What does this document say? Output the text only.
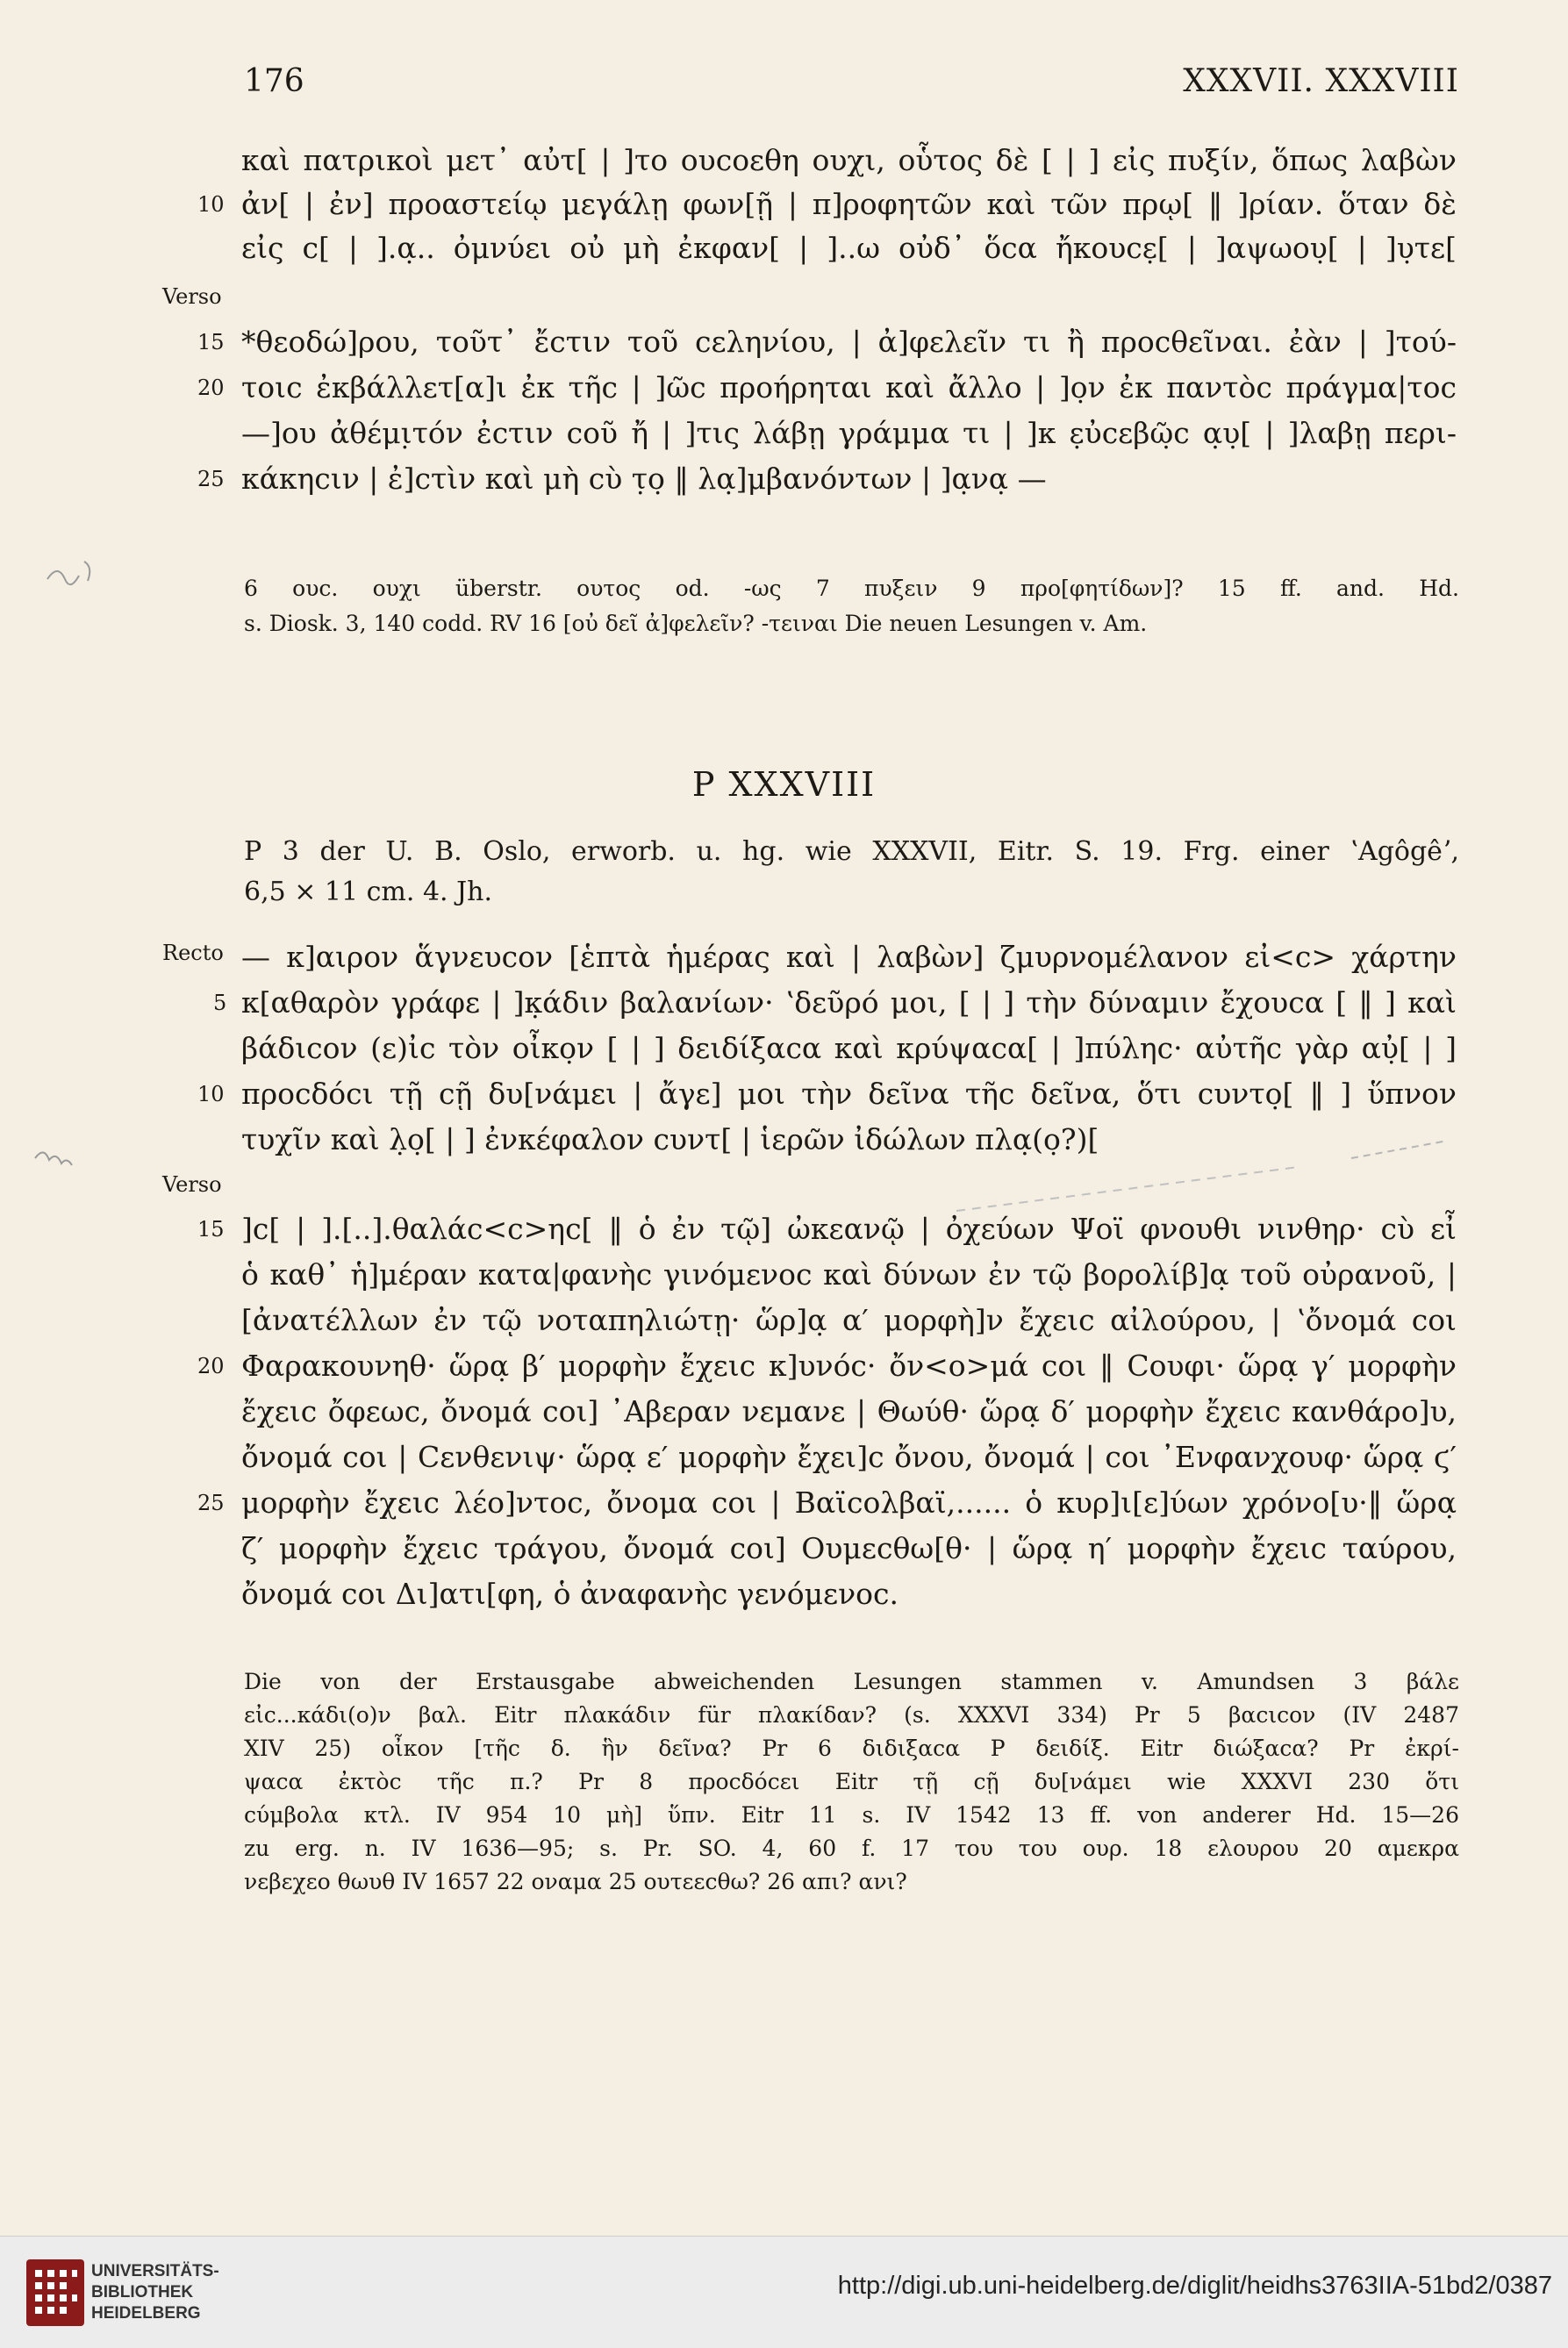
176	XXXVII. XXXVIII
καὶ πατρικοὶ μετ᾽ αὐτ[ | ]το ουcοεθη ουχι, οὗτος δὲ [ | ] εἰς πυξίν, ὅπως λαβὼν
10 ἀν[ | ἐν] προαστείῳ μεγάλῃ φων[ῇ | π]ροφητῶν καὶ τῶν πρῳ[ ‖ ]ρίαν. ὅταν δὲ
εἰς c[ | ].α̣.. ὀμνύει οὐ μὴ ἐκφαν[ | ]..ω οὐδ᾽ ὅcα ἤκουcε̣[ | ]αψωου̣[ | ]υ̣τε[
Verso
15 *θεοδώ]ρου, τοῦτ᾽ ἔcτιν τοῦ cεληνίου, | ἀ]φελεῖν τι ἢ προcθεῖναι. ἐὰν | ]τού-
20 τοιc ἐκβάλλετ[α]ι ἐκ τῆc | ]ῶc προήρηται καὶ ἄλλο | ]ο̣ν ἐκ παντὸc πράγμα|τοc
—]ου ἀθέμι̣τόν ἐcτιν cοῦ ἤ | ]τις λάβῃ γράμμα τι | ]κ ε̣ὐcεβῶ̣c α̣υ̣[ | ]λαβῃ περι-
25 κάκηcιν | ἐ]cτὶν καὶ μὴ cὺ τ̣ο̣ ‖ λα̣]μβανόντων | ]α̣να̣ —
6 ουc. ουχι überstr. ουτος od. -ως 7 πυξειν 9 προ[φητίδων]? 15 ff. and. Hd.
s. Diosk. 3, 140 codd. RV 16 [οὐ δεῖ ἀ]φελεῖν? -τειναι Die neuen Lesungen v. Am.
P XXXVIII
P 3 der U. B. Oslo, erworb. u. hg. wie XXXVII, Eitr. S. 19. Frg. einer ʽAgôgêʼ,
6,5 × 11 cm. 4. Jh.
Recto — κ]αιρον ἅγνευcον [ἑπτὰ ἡμέρας καὶ | λαβὼν] ζμυρνομέλανον εἰ<c> χάρτην
5 κ[αθαρὸν γράφε | ]κ̣άδιν βαλανίων· ʽδεῦρό μοι, [ | ] τὴν δύναμιν ἔχουcα [ ‖ ] καὶ
βάδιcον (ε)ἰc τὸν οἶκο̣ν [ | ] δειδίξαcα καὶ κρύψαcα[ | ]πύληc· αὐτῆc γὰρ αὐ̣[ | ]
10 προcδόcι τῇ cῇ δυ[νάμει | ἄγε] μοι τὴν δεῖνα τῆc δεῖνα, ὅτι cυντο̣[ ‖ ] ὕπνον
τυχῖν καὶ λ̣ο̣[ | ] ἐνκέφαλον cυντ[ | ἱερῶν ἰδώλων πλα̣(ο̣?)[
Verso
15 ]c[ | ].[..].θαλάc<c>ηc[ ‖ ὁ ἐν τῷ] ὠκεανῷ | ὀχεύων Ψοϊ φνουθι νινθηρ· cὺ εἶ
ὁ καθ᾽ ἡ]μέραν κατα|φανὴc γινόμενοc καὶ δύνων ἐν τῷ βορολίβ]α̣ τοῦ οὐρανοῦ, |
[ἀνατέλλων ἐν τῷ νοταπηλιώτῃ· ὥρ]α̣ α′ μορφὴ]ν ἔχειc αἰλούρου, | ʽὄνομά cοι
20 Φαρακουνηθ· ὥρα̣ β′ μορφὴν ἔχειc κ]υνόc· ὄν<ο>μά cοι ‖ Cουφι· ὥρα̣ γ′ μορφὴν
ἔχειc ὄφεωc, ὄνομά cοι] ᾽Αβεραν νεμανε | Θωύθ· ὥρα̣ δ′ μορφὴν ἔχειc κανθάρο]υ,
ὄνομά cοι | Cενθενιψ· ὥρα̣ ε′ μορφὴν ἔχει]c ὄνου, ὄνομά | cοι ᾽Ενφανχουφ· ὥρα̣ ϛ′
25 μορφὴν ἔχειc λέο]ντοc, ὄνομα cοι | Βαϊcολβαϊ,...... ὁ κυρ]ι[ε]ύων χρόνο[υ·‖ ὥρα̣
ζ′ μορφὴν ἔχειc τράγου, ὄνομά cοι] Ουμεcθω[θ· | ὥρα̣ η′ μορφὴν ἔχειc ταύρου,
ὄνομά cοι Δι]ατι[φη, ὁ ἀναφανὴc γενόμενοc.
Die von der Erstausgabe abweichenden Lesungen stammen v. Amundsen 3 βάλε
εἰc...κάδι(ο)ν βαλ. Eitr πλακάδιν für πλακίδαν? (s. XXXVI 334) Pr 5 βαcιcον (IV 2487
XIV 25) οἶκον [τῆc δ. ἣν δεῖνα? Pr 6 διδιξαcα P δειδίξ. Eitr διώξαcα? Pr ἐκρί-
ψαcα ἐκτὸc τῆc π.? Pr 8 προcδόcει Eitr τῇ cῇ δυ[νάμει wie XXXVI 230 ὅτι
cύμβολα κτλ. IV 954 10 μὴ] ὕπν. Eitr 11 s. IV 1542 13 ff. von anderer Hd. 15—26
zu erg. n. IV 1636—95; s. Pr. SO. 4, 60 f. 17 του του ουρ. 18 ελουρου 20 αμεκρα
νεβεχεο θωυθ IV 1657 22 οναμα 25 ουτεεcθω? 26 απι? ανι?
UNIVERSITÄTS-
BIBLIOTHEK
HEIDELBERG
http://digi.ub.uni-heidelberg.de/diglit/heidhs3763IIA-51bd2/0387
